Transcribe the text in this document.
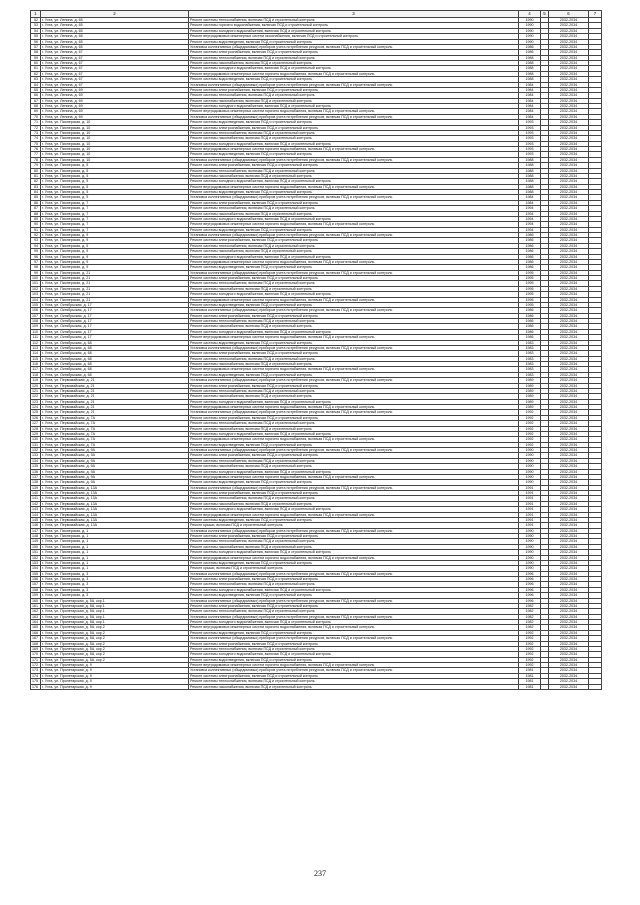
1	2	3	4	5	6	7
52	г. Ухта, ул. Ленина, д. 65	Ремонт системы теплоснабжения, включая ПСД и строительный контроль	1990		2032-2034	
53	г. Ухта, ул. Ленина, д. 65	Ремонт системы горячего водоснабжения, включая ПСД и строительный контроль	1990		2032-2034	
54	г. Ухта, ул. Ленина, д. 65	Ремонт системы холодного водоснабжения, включая ПСД и строительный контроль	1990		2032-2034	
55	г. Ухта, ул. Ленина, д. 65	Ремонт внутридомовых инженерных систем газоснабжения, включая ПСД и строительный контроль	1990		2032-2034	
56	г. Ухта, ул. Ленина, д. 65	Ремонт системы водоотведения, включая ПСД и строительный контроль	1990		2032-2034	
57	г. Ухта, ул. Ленина, д. 65	Установка коллективных (общедомовых) приборов учета потребления ресурсов, включая ПСД и строительный контроль	1986		2032-2034	
58	г. Ухта, ул. Ленина, д. 67	Ремонт системы электроснабжения, включая ПСД и строительный контроль	1986		2032-2034	
59	г. Ухта, ул. Ленина, д. 67	Ремонт системы теплоснабжения, включая ПСД и строительный контроль	1988		2032-2034	
60	г. Ухта, ул. Ленина, д. 67	Ремонт системы газоснабжения, включая ПСД и строительный контроль	1988		2032-2034	
61	г. Ухта, ул. Ленина, д. 67	Ремонт системы холодного водоснабжения, включая ПСД и строительный контроль	1988		2032-2034	
62	г. Ухта, ул. Ленина, д. 67	Ремонт внутридомовых инженерных систем горячего водоснабжения, включая ПСД и строительный контроль	1988		2032-2034	
63	г. Ухта, ул. Ленина, д. 67	Ремонт системы водоотведения, включая ПСД и строительный контроль	1988		2032-2034	
64	г. Ухта, ул. Ленина, д. 67	Установка коллективных (общедомовых) приборов учета потребления ресурсов, включая ПСД и строительный контроль	1984		2032-2034	
65	г. Ухта, ул. Ленина, д. 69	Ремонт системы электроснабжения, включая ПСД и строительный контроль	1984		2032-2034	
66	г. Ухта, ул. Ленина, д. 69	Ремонт системы теплоснабжения, включая ПСД и строительный контроль	1984		2032-2034	
67	г. Ухта, ул. Ленина, д. 69	Ремонт системы газоснабжения, включая ПСД и строительный контроль	1984		2032-2034	
68	г. Ухта, ул. Ленина, д. 69	Ремонт системы холодного водоснабжения, включая ПСД и строительный контроль	1984		2032-2034	
69	г. Ухта, ул. Ленина, д. 69	Ремонт внутридомовых инженерных систем горячего водоснабжения, включая ПСД и строительный контроль	1984		2032-2034	
70	г. Ухта, ул. Ленина, д. 69	Установка коллективных (общедомовых) приборов учета потребления ресурсов, включая ПСД и строительный контроль	1984		2032-2034	
71	г. Ухта, ул. Пионерская, д. 10	Ремонт системы водоотведения, включая ПСД и строительный контроль	1993		2032-2034	
72	г. Ухта, ул. Пионерская, д. 10	Ремонт системы электроснабжения, включая ПСД и строительный контроль	1993		2032-2034	
73	г. Ухта, ул. Пионерская, д. 10	Ремонт системы теплоснабжения, включая ПСД и строительный контроль	1993		2032-2034	
74	г. Ухта, ул. Пионерская, д. 10	Ремонт системы газоснабжения, включая ПСД и строительный контроль	1993		2032-2034	
75	г. Ухта, ул. Пионерская, д. 10	Ремонт системы холодного водоснабжения, включая ПСД и строительный контроль	1993		2032-2034	
76	г. Ухта, ул. Пионерская, д. 10	Ремонт внутридомовых инженерных систем горячего водоснабжения, включая ПСД и строительный контроль	1993		2032-2034	
77	г. Ухта, ул. Пионерская, д. 10	Ремонт системы водоотведения, включая ПСД и строительный контроль	1993		2032-2034	
78	г. Ухта, ул. Пионерская, д. 10	Установка коллективных (общедомовых) приборов учета потребления ресурсов, включая ПСД и строительный контроль	1988		2032-2034	
79	г. Ухта, ул. Пионерская, д. 5	Ремонт системы электроснабжения, включая ПСД и строительный контроль	1988		2032-2034	
80	г. Ухта, ул. Пионерская, д. 5	Ремонт системы теплоснабжения, включая ПСД и строительный контроль	1988		2032-2034	
81	г. Ухта, ул. Пионерская, д. 5	Ремонт системы газоснабжения, включая ПСД и строительный контроль	1988		2032-2034	
82	г. Ухта, ул. Пионерская, д. 5	Ремонт системы холодного водоснабжения, включая ПСД и строительный контроль	1988		2032-2034	
83	г. Ухта, ул. Пионерская, д. 5	Ремонт внутридомовых инженерных систем горячего водоснабжения, включая ПСД и строительный контроль	1988		2032-2034	
84	г. Ухта, ул. Пионерская, д. 5	Ремонт системы водоотведения, включая ПСД и строительный контроль	1988		2032-2034	
85	г. Ухта, ул. Пионерская, д. 5	Установка коллективных (общедомовых) приборов учета потребления ресурсов, включая ПСД и строительный контроль	1984		2032-2034	
86	г. Ухта, ул. Пионерская, д. 7	Ремонт системы электроснабжения, включая ПСД и строительный контроль	1984		2032-2034	
87	г. Ухта, ул. Пионерская, д. 7	Ремонт системы теплоснабжения, включая ПСД и строительный контроль	1994		2032-2034	
88	г. Ухта, ул. Пионерская, д. 7	Ремонт системы газоснабжения, включая ПСД и строительный контроль	1994		2032-2034	
89	г. Ухта, ул. Пионерская, д. 7	Ремонт системы холодного водоснабжения, включая ПСД и строительный контроль	1994		2032-2034	
90	г. Ухта, ул. Пионерская, д. 7	Ремонт внутридомовых инженерных систем горячего водоснабжения, включая ПСД и строительный контроль	1994		2032-2034	
91	г. Ухта, ул. Пионерская, д. 7	Ремонт системы водоотведения, включая ПСД и строительный контроль	1994		2032-2034	
92	г. Ухта, ул. Пионерская, д. 9	Установка коллективных (общедомовых) приборов учета потребления ресурсов, включая ПСД и строительный контроль	1986		2032-2034	
93	г. Ухта, ул. Пионерская, д. 9	Ремонт системы электроснабжения, включая ПСД и строительный контроль	1986		2032-2034	
94	г. Ухта, ул. Пионерская, д. 9	Ремонт системы теплоснабжения, включая ПСД и строительный контроль	1986		2032-2034	
95	г. Ухта, ул. Пионерская, д. 9	Ремонт системы газоснабжения, включая ПСД и строительный контроль	1986		2032-2034	
96	г. Ухта, ул. Пионерская, д. 9	Ремонт системы холодного водоснабжения, включая ПСД и строительный контроль	1986		2032-2034	
97	г. Ухта, ул. Пионерская, д. 9	Ремонт внутридомовых инженерных систем горячего водоснабжения, включая ПСД и строительный контроль	1986		2032-2034	
98	г. Ухта, ул. Пионерская, д. 9	Ремонт системы водоотведения, включая ПСД и строительный контроль	1986		2032-2034	
99	г. Ухта, ул. Пионерская, д. 21	Установка коллективных (общедомовых) приборов учета потребления ресурсов, включая ПСД и строительный контроль	1995		2032-2034	
100	г. Ухта, ул. Пионерская, д. 21	Ремонт системы электроснабжения, включая ПСД и строительный контроль	1995		2032-2034	
101	г. Ухта, ул. Пионерская, д. 21	Ремонт системы теплоснабжения, включая ПСД и строительный контроль	1995		2032-2034	
102	г. Ухта, ул. Пионерская, д. 21	Ремонт системы газоснабжения, включая ПСД и строительный контроль	1995		2032-2034	
103	г. Ухта, ул. Пионерская, д. 21	Ремонт системы холодного водоснабжения, включая ПСД и строительный контроль	1995		2032-2034	
104	г. Ухта, ул. Пионерская, д. 21	Ремонт внутридомовых инженерных систем горячего водоснабжения, включая ПСД и строительный контроль	1995		2032-2034	
105	г. Ухта, ул. Октябрьская, д. 17	Ремонт системы водоотведения, включая ПСД и строительный контроль	1995		2032-2034	
106	г. Ухта, ул. Октябрьская, д. 17	Установка коллективных (общедомовых) приборов учета потребления ресурсов, включая ПСД и строительный контроль	1986		2032-2034	
107	г. Ухта, ул. Октябрьская, д. 17	Ремонт системы электроснабжения, включая ПСД и строительный контроль	1986		2032-2034	
108	г. Ухта, ул. Октябрьская, д. 17	Ремонт системы теплоснабжения, включая ПСД и строительный контроль	1986		2032-2034	
109	г. Ухта, ул. Октябрьская, д. 17	Ремонт системы газоснабжения, включая ПСД и строительный контроль	1986		2032-2034	
110	г. Ухта, ул. Октябрьская, д. 17	Ремонт системы холодного водоснабжения, включая ПСД и строительный контроль	1986		2032-2034	
111	г. Ухта, ул. Октябрьская, д. 17	Ремонт внутридомовых инженерных систем горячего водоснабжения, включая ПСД и строительный контроль	1986		2032-2034	
112	г. Ухта, ул. Октябрьская, д. 68	Ремонт системы водоотведения, включая ПСД и строительный контроль	1983		2032-2034	
113	г. Ухта, ул. Октябрьская, д. 68	Установка коллективных (общедомовых) приборов учета потребления ресурсов, включая ПСД и строительный контроль	1983		2032-2034	
114	г. Ухта, ул. Октябрьская, д. 68	Ремонт системы электроснабжения, включая ПСД и строительный контроль	1983		2032-2034	
115	г. Ухта, ул. Октябрьская, д. 68	Ремонт системы теплоснабжения, включая ПСД и строительный контроль	1983		2032-2034	
116	г. Ухта, ул. Октябрьская, д. 68	Ремонт системы газоснабжения, включая ПСД и строительный контроль	1983		2032-2034	
117	г. Ухта, ул. Октябрьская, д. 68	Ремонт внутридомовых инженерных систем горячего водоснабжения, включая ПСД и строительный контроль	1983		2032-2034	
118	г. Ухта, ул. Октябрьская, д. 68	Ремонт системы водоотведения, включая ПСД и строительный контроль	1983		2032-2034	
119	г. Ухта, ул. Первомайская, д. 21	Установка коллективных (общедомовых) приборов учета потребления ресурсов, включая ПСД и строительный контроль	1989		2032-2034	
120	г. Ухта, ул. Первомайская, д. 21	Ремонт системы электроснабжения, включая ПСД и строительный контроль	1989		2032-2034	
121	г. Ухта, ул. Первомайская, д. 21	Ремонт системы теплоснабжения, включая ПСД и строительный контроль	1989		2032-2034	
122	г. Ухта, ул. Первомайская, д. 21	Ремонт системы газоснабжения, включая ПСД и строительный контроль	1989		2032-2034	
123	г. Ухта, ул. Первомайская, д. 21	Ремонт системы холодного водоснабжения, включая ПСД и строительный контроль	1989		2032-2034	
124	г. Ухта, ул. Первомайская, д. 21	Ремонт внутридомовых инженерных систем горячего водоснабжения, включая ПСД и строительный контроль	1989		2032-2034	
125	г. Ухта, ул. Первомайская, д. 21	Установка коллективных (общедомовых) приборов учета потребления ресурсов, включая ПСД и строительный контроль	1992		2032-2034	
126	г. Ухта, ул. Первомайская, д. 7А	Ремонт системы электроснабжения, включая ПСД и строительный контроль	1992		2032-2034	
127	г. Ухта, ул. Первомайская, д. 7А	Ремонт системы теплоснабжения, включая ПСД и строительный контроль	1992		2032-2034	
128	г. Ухта, ул. Первомайская, д. 7А	Ремонт системы газоснабжения, включая ПСД и строительный контроль	1992		2032-2034	
129	г. Ухта, ул. Первомайская, д. 7А	Ремонт системы холодного водоснабжения, включая ПСД и строительный контроль	1992		2032-2034	
130	г. Ухта, ул. Первомайская, д. 7А	Ремонт внутридомовых инженерных систем горячего водоснабжения, включая ПСД и строительный контроль	1992		2032-2034	
131	г. Ухта, ул. Первомайская, д. 7А	Ремонт системы водоотведения, включая ПСД и строительный контроль	1992		2032-2034	
132	г. Ухта, ул. Первомайская, д. 9А	Установка коллективных (общедомовых) приборов учета потребления ресурсов, включая ПСД и строительный контроль	1990		2032-2034	
133	г. Ухта, ул. Первомайская, д. 9А	Ремонт системы электроснабжения, включая ПСД и строительный контроль	1990		2032-2034	
134	г. Ухта, ул. Первомайская, д. 9А	Ремонт системы теплоснабжения, включая ПСД и строительный контроль	1990		2032-2034	
135	г. Ухта, ул. Первомайская, д. 9А	Ремонт системы газоснабжения, включая ПСД и строительный контроль	1990		2032-2034	
136	г. Ухта, ул. Первомайская, д. 9А	Ремонт системы холодного водоснабжения, включая ПСД и строительный контроль	1990		2032-2034	
137	г. Ухта, ул. Первомайская, д. 9А	Ремонт внутридомовых инженерных систем горячего водоснабжения, включая ПСД и строительный контроль	1990		2032-2034	
138	г. Ухта, ул. Первомайская, д. 9А	Ремонт системы водоотведения, включая ПСД и строительный контроль	1990		2032-2034	
139	г. Ухта, ул. Первомайская, д. 13А	Установка коллективных (общедомовых) приборов учета потребления ресурсов, включая ПСД и строительный контроль	1991		2032-2034	
140	г. Ухта, ул. Первомайская, д. 13А	Ремонт системы электроснабжения, включая ПСД и строительный контроль	1991		2032-2034	
141	г. Ухта, ул. Первомайская, д. 13А	Ремонт системы теплоснабжения, включая ПСД и строительный контроль	1991		2032-2034	
142	г. Ухта, ул. Первомайская, д. 13А	Ремонт системы газоснабжения, включая ПСД и строительный контроль	1991		2032-2034	
143	г. Ухта, ул. Первомайская, д. 13А	Ремонт системы холодного водоснабжения, включая ПСД и строительный контроль	1991		2032-2034	
144	г. Ухта, ул. Первомайская, д. 13А	Ремонт внутридомовых инженерных систем горячего водоснабжения, включая ПСД и строительный контроль	1991		2032-2034	
145	г. Ухта, ул. Первомайская, д. 13А	Ремонт системы водоотведения, включая ПСД и строительный контроль	1991		2032-2034	
146	г. Ухта, ул. Первомайская, д. 13А	Ремонт крыши, включая ПСД и строительный контроль	1991		2032-2034	
147	г. Ухта, ул. Пионерская, д. 1	Установка коллективных (общедомовых) приборов учета потребления ресурсов, включая ПСД и строительный контроль	1990		2032-2034	
148	г. Ухта, ул. Пионерская, д. 1	Ремонт системы электроснабжения, включая ПСД и строительный контроль	1990		2032-2034	
149	г. Ухта, ул. Пионерская, д. 1	Ремонт системы теплоснабжения, включая ПСД и строительный контроль	1990		2032-2034	
150	г. Ухта, ул. Пионерская, д. 1	Ремонт системы газоснабжения, включая ПСД и строительный контроль	1990		2032-2034	
151	г. Ухта, ул. Пионерская, д. 1	Ремонт системы холодного водоснабжения, включая ПСД и строительный контроль	1990		2032-2034	
152	г. Ухта, ул. Пионерская, д. 1	Ремонт внутридомовых инженерных систем горячего водоснабжения, включая ПСД и строительный контроль	1990		2032-2034	
153	г. Ухта, ул. Пионерская, д. 1	Ремонт системы водоотведения, включая ПСД и строительный контроль	1990		2032-2034	
154	г. Ухта, ул. Пионерская, д. 1	Ремонт крыши, включая ПСД и строительный контроль	1990		2032-2034	
155	г. Ухта, ул. Пионерская, д. 3	Установка коллективных (общедомовых) приборов учета потребления ресурсов, включая ПСД и строительный контроль	1996		2032-2034	
156	г. Ухта, ул. Пионерская, д. 3	Ремонт системы электроснабжения, включая ПСД и строительный контроль	1996		2032-2034	
157	г. Ухта, ул. Пионерская, д. 3	Ремонт системы теплоснабжения, включая ПСД и строительный контроль	1996		2032-2034	
158	г. Ухта, ул. Пионерская, д. 3	Ремонт системы холодного водоснабжения, включая ПСД и строительный контроль	1996		2032-2034	
159	г. Ухта, ул. Пионерская, д. 3	Ремонт системы водоотведения, включая ПСД и строительный контроль	1996		2032-2034	
160	г. Ухта, ул. Пролетарская, д. 5А, кор.1	Установка коллективных (общедомовых) приборов учета потребления ресурсов, включая ПСД и строительный контроль	1996		2032-2034	
161	г. Ухта, ул. Пролетарская, д. 5А, кор.1	Ремонт системы электроснабжения, включая ПСД и строительный контроль	1982		2032-2034	
162	г. Ухта, ул. Пролетарская, д. 5А, кор.1	Ремонт системы теплоснабжения, включая ПСД и строительный контроль	1982		2032-2034	
163	г. Ухта, ул. Пролетарская, д. 5А, кор.1	Установка коллективных (общедомовых) приборов учета потребления ресурсов, включая ПСД и строительный контроль	1982		2032-2034	
164	г. Ухта, ул. Пролетарская, д. 5А, кор.1	Ремонт системы холодного водоснабжения, включая ПСД и строительный контроль	1982		2032-2034	
165	г. Ухта, ул. Пролетарская, д. 5А, кор.2	Ремонт внутридомовых инженерных систем горячего водоснабжения, включая ПСД и строительный контроль	1982		2032-2034	
166	г. Ухта, ул. Пролетарская, д. 5А, кор.2	Ремонт системы водоотведения, включая ПСД и строительный контроль	1992		2032-2034	
167	г. Ухта, ул. Пролетарская, д. 5А, кор.2	Установка коллективных (общедомовых) приборов учета потребления ресурсов, включая ПСД и строительный контроль	1992		2032-2034	
168	г. Ухта, ул. Пролетарская, д. 5А, кор.2	Ремонт системы электроснабжения, включая ПСД и строительный контроль	1992		2032-2034	
169	г. Ухта, ул. Пролетарская, д. 5А, кор.2	Ремонт системы теплоснабжения, включая ПСД и строительный контроль	1992		2032-2034	
170	г. Ухта, ул. Пролетарская, д. 5А, кор.2	Ремонт системы холодного водоснабжения, включая ПСД и строительный контроль	1992		2032-2034	
171	г. Ухта, ул. Пролетарская, д. 5А, кор.2	Ремонт системы водоотведения, включая ПСД и строительный контроль	1992		2032-2034	
172	г. Ухта, ул. Пролетарская, д. 9	Ремонт внутридомовых инженерных систем горячего водоснабжения, включая ПСД и строительный контроль	1992		2032-2034	
173	г. Ухта, ул. Пролетарская, д. 9	Установка коллективных (общедомовых) приборов учета потребления ресурсов, включая ПСД и строительный контроль	1981		2032-2034	
174	г. Ухта, ул. Пролетарская, д. 9	Ремонт системы электроснабжения, включая ПСД и строительный контроль	1981		2032-2034	
175	г. Ухта, ул. Пролетарская, д. 9	Ремонт системы теплоснабжения, включая ПСД и строительный контроль	1981		2032-2034	
176	г. Ухта, ул. Пролетарская, д. 9	Ремонт системы газоснабжения, включая ПСД и строительный контроль	1981		2032-2034	
237
